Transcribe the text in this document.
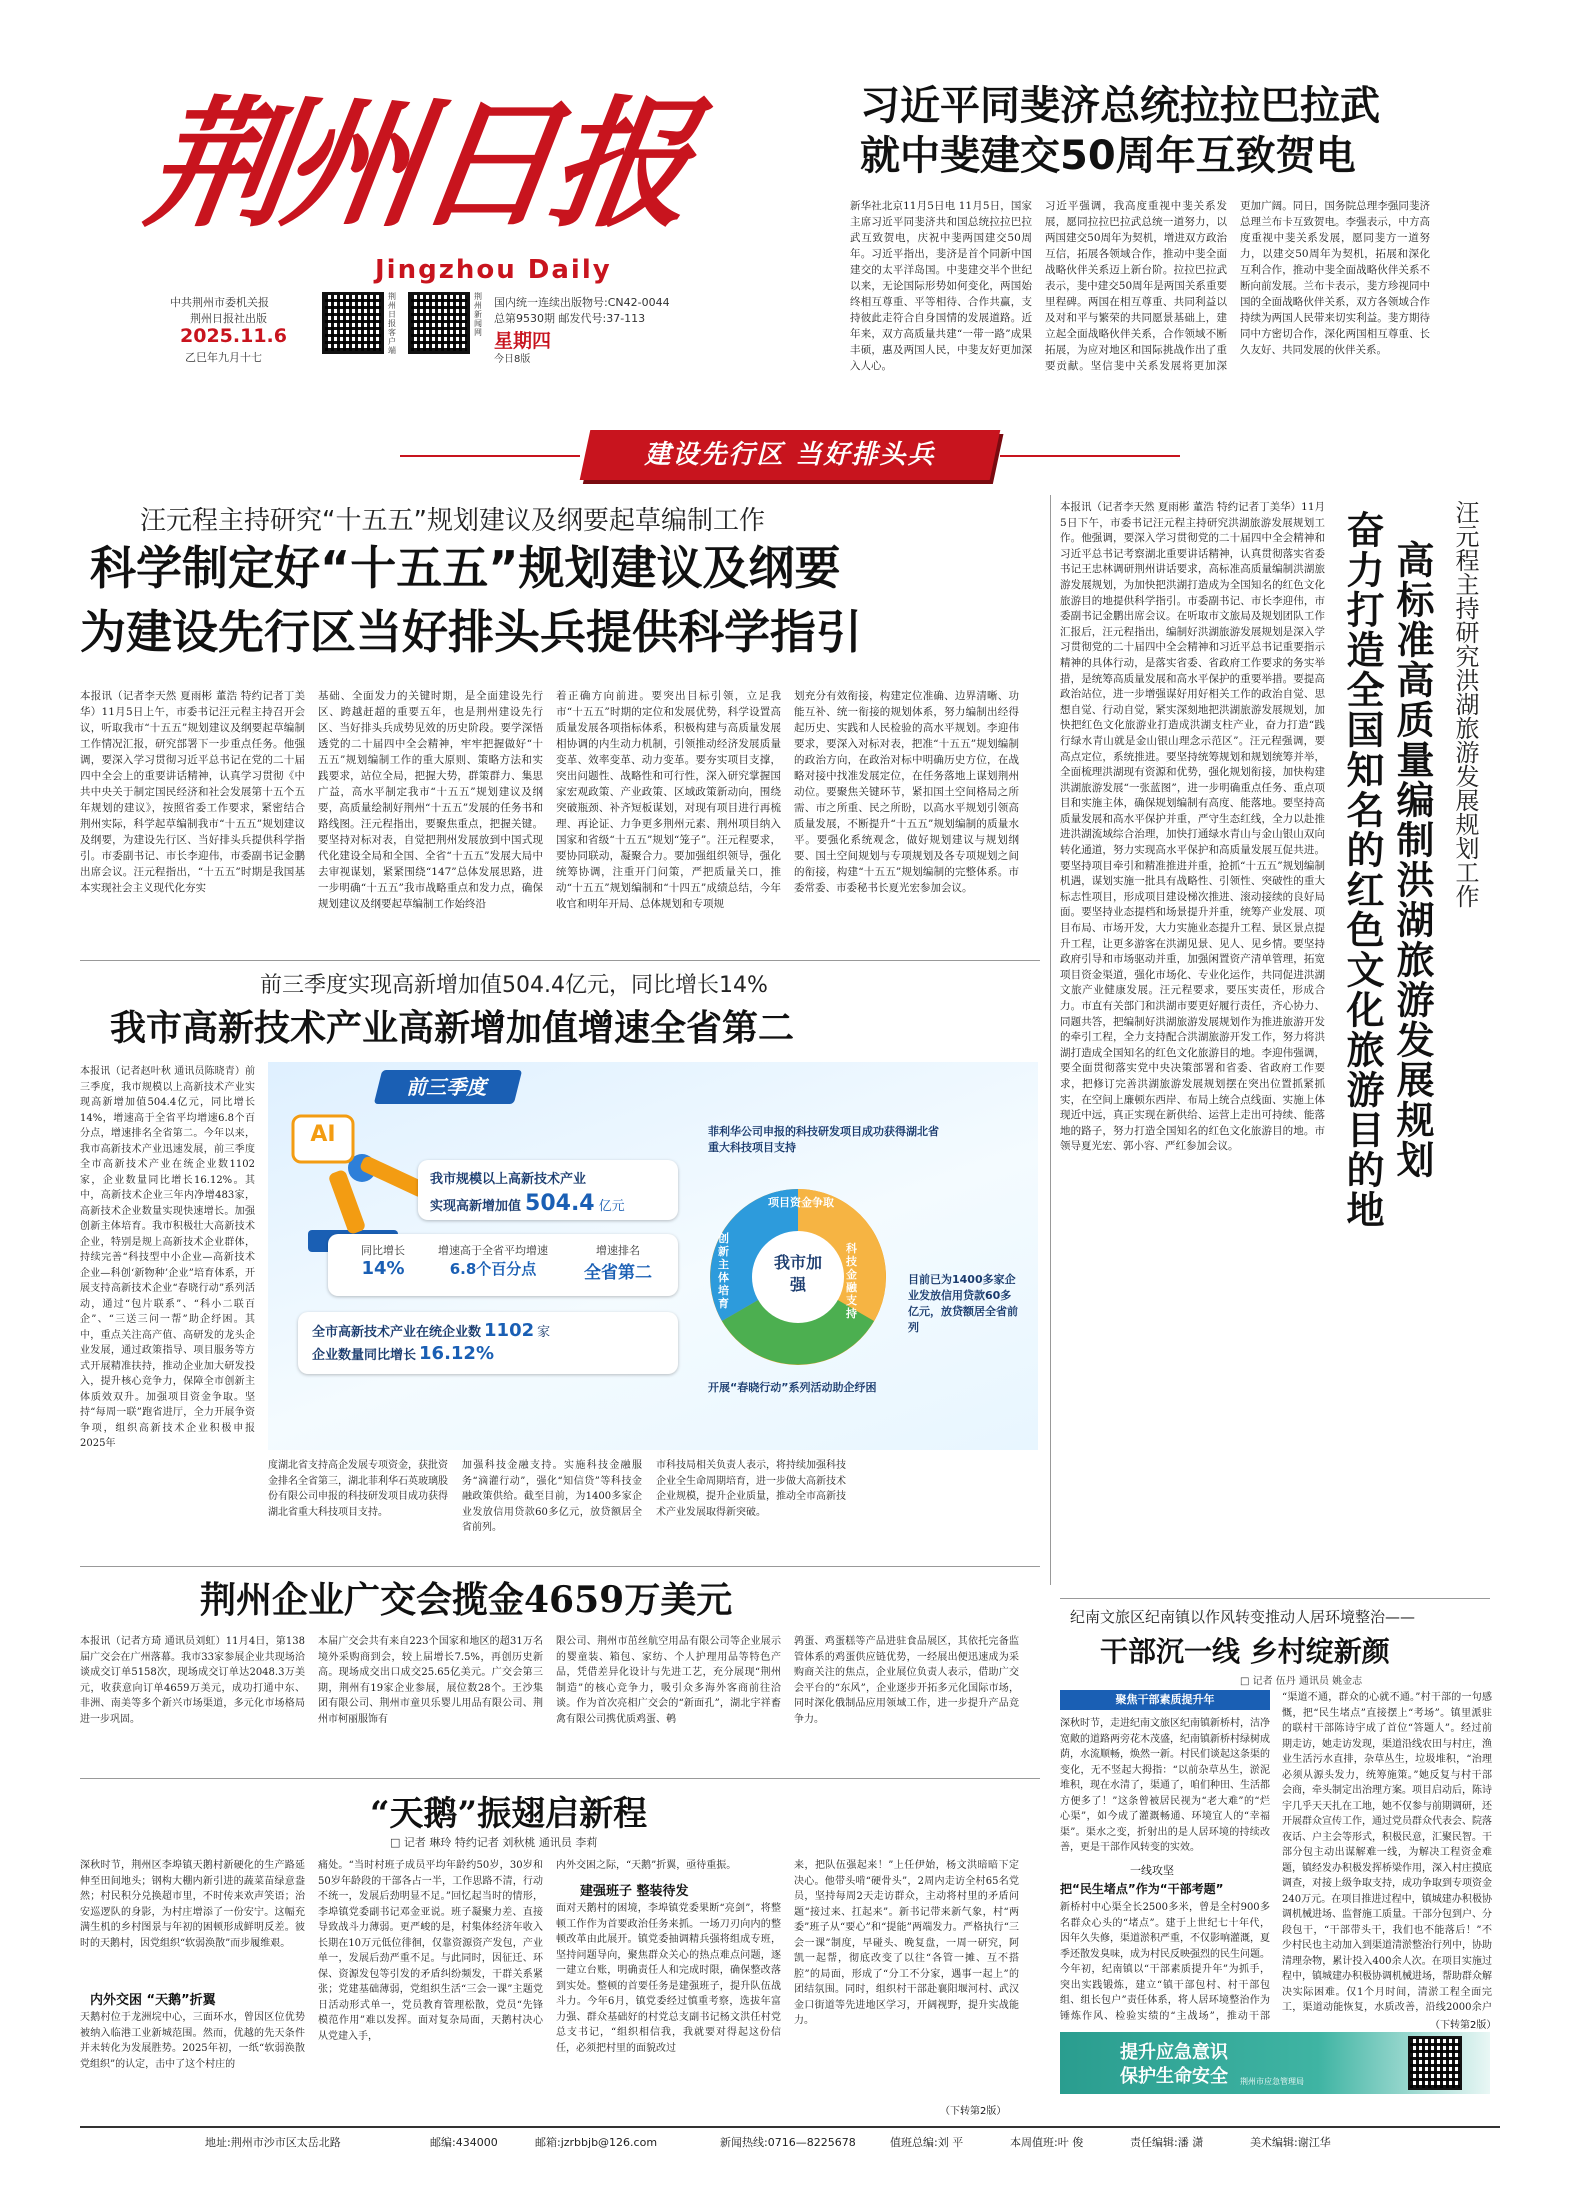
荆州日报
Jingzhou Daily
中共荆州市委机关报
荆州日报社出版
2025.11.6
乙巳年九月十七
荆州日报客户端
荆州新闻网
国内统一连续出版物号:CN42-0044
总第9530期 邮发代号:37-113
星期四
今日8版
习近平同斐济总统拉拉巴拉武
就中斐建交50周年互致贺电
新华社北京11月5日电 11月5日，国家主席习近平同斐济共和国总统拉拉巴拉武互致贺电，庆祝中斐两国建交50周年。习近平指出，斐济是首个同新中国建交的太平洋岛国。中斐建交半个世纪以来，无论国际形势如何变化，两国始终相互尊重、平等相待、合作共赢，支持彼此走符合自身国情的发展道路。近年来，双方高质量共建“一带一路”成果丰硕，惠及两国人民，中斐友好更加深入人心。
习近平强调，我高度重视中斐关系发展，愿同拉拉巴拉武总统一道努力，以两国建交50周年为契机，增进双方政治互信，拓展各领域合作，推动中斐全面战略伙伴关系迈上新台阶。拉拉巴拉武表示，斐中建交50周年是两国关系重要里程碑。两国在相互尊重、共同利益以及对和平与繁荣的共同愿景基础上，建立起全面战略伙伴关系，合作领域不断拓展，为应对地区和国际挑战作出了重要贡献。坚信斐中关系发展将更加深
更加广阔。同日，国务院总理李强同斐济总理兰布卡互致贺电。李强表示，中方高度重视中斐关系发展，愿同斐方一道努力，以建交50周年为契机，拓展和深化互利合作，推动中斐全面战略伙伴关系不断向前发展。兰布卡表示，斐方珍视同中国的全面战略伙伴关系，双方各领域合作持续为两国人民带来切实利益。斐方期待同中方密切合作，深化两国相互尊重、长久友好、共同发展的伙伴关系。
建设先行区 当好排头兵
汪元程主持研究“十五五”规划建议及纲要起草编制工作
科学制定好“十五五”规划建议及纲要
为建设先行区当好排头兵提供科学指引
本报讯（记者李天然 夏雨彬 董浩 特约记者丁美华）11月5日上午，市委书记汪元程主持召开会议，听取我市“十五五”规划建议及纲要起草编制工作情况汇报，研究部署下一步重点任务。他强调，要深入学习贯彻习近平总书记在党的二十届四中全会上的重要讲话精神，认真学习贯彻《中共中央关于制定国民经济和社会发展第十五个五年规划的建议》，按照省委工作要求，紧密结合荆州实际，科学起草编制我市“十五五”规划建议及纲要，为建设先行区、当好排头兵提供科学指引。市委副书记、市长李迎伟，市委副书记金鹏出席会议。汪元程指出，“十五五”时期是我国基本实现社会主义现代化夯实
基础、全面发力的关键时期，是全面建设先行区、跨越赶超的重要五年，也是荆州建设先行区、当好排头兵成势见效的历史阶段。要学深悟透党的二十届四中全会精神，牢牢把握做好“十五五”规划编制工作的重大原则、策略方法和实践要求，站位全局，把握大势，群策群力、集思广益，高水平制定我市“十五五”规划建议及纲要，高质量绘制好荆州“十五五”发展的任务书和路线图。汪元程指出，要聚焦重点，把握关键。要坚持对标对表，自觉把荆州发展放到中国式现代化建设全局和全国、全省“十五五”发展大局中去审视谋划，紧紧围绕“147”总体发展思路，进一步明确“十五五”我市战略重点和发力点，确保规划建议及纲要起草编制工作始终沿
着正确方向前进。要突出目标引领，立足我市“十五五”时期的定位和发展优势，科学设置高质量发展各项指标体系，积极构建与高质量发展相协调的内生动力机制，引领推动经济发展质量变革、效率变革、动力变革。要夯实项目支撑，突出问题性、战略性和可行性，深入研究掌握国家宏观政策、产业政策、区域政策新动向，围绕突破瓶颈、补齐短板谋划，对现有项目进行再梳理、再论证、力争更多荆州元素、荆州项目纳入国家和省级“十五五”规划“笼子”。汪元程要求，要协同联动，凝聚合力。要加强组织领导，强化统筹协调，注重开门问策，严把质量关口，推动“十五五”规划编制和“十四五”成绩总结，今年收官和明年开局、总体规划和专项规
划充分有效衔接，构建定位准确、边界清晰、功能互补、统一衔接的规划体系，努力编制出经得起历史、实践和人民检验的高水平规划。李迎伟要求，要深入对标对表，把准“十五五”规划编制的政治方向，在政治对标中明确历史方位，在战略对接中找准发展定位，在任务落地上谋划荆州动位。要聚焦关键环节，紧扣国土空间格局之所需、市之所重、民之所盼，以高水平规划引领高质量发展，不断提升“十五五”规划编制的质量水平。要强化系统观念，做好规划建议与规划纲要、国土空间规划与专项规划及各专项规划之间的衔接，构建“十五五”规划编制的完整体系。市委常委、市委秘书长夏光宏参加会议。
本报讯（记者李天然 夏雨彬 董浩 特约记者丁美华）11月5日下午，市委书记汪元程主持研究洪湖旅游发展规划工作。他强调，要深入学习贯彻党的二十届四中全会精神和习近平总书记考察湖北重要讲话精神，认真贯彻落实省委书记王忠林调研荆州讲话要求，高标准高质量编制洪湖旅游发展规划，为加快把洪湖打造成为全国知名的红色文化旅游目的地提供科学指引。市委副书记、市长李迎伟，市委副书记金鹏出席会议。在听取市文旅局及规划团队工作汇报后，汪元程指出，编制好洪湖旅游发展规划是深入学习贯彻党的二十届四中全会精神和习近平总书记重要指示精神的具体行动，是落实省委、省政府工作要求的务实举措，是统筹高质量发展和高水平保护的重要举措。要提高政治站位，进一步增强谋好用好相关工作的政治自觉、思想自觉、行动自觉，紧实深刻地把洪湖旅游发展规划，加快把红色文化旅游业打造成洪湖支柱产业，奋力打造“践行绿水青山就是金山银山理念示范区”。汪元程强调，要高点定位，系统推进。要坚持统筹规划和规划统筹并举，全面梳理洪湖现有资源和优势，强化规划衔接，加快构建洪湖旅游发展“一张蓝图”，进一步明确重点任务、重点项目和实施主体，确保规划编制有高度、能落地。要坚持高质量发展和高水平保护并重，严守生态红线，全力以赴推进洪湖流域综合治理，加快打通绿水青山与金山银山双向转化通道，努力实现高水平保护和高质量发展互促共进。要坚持项目牵引和精准推进并重，抢抓“十五五”规划编制机遇，谋划实施一批具有战略性、引领性、突破性的重大标志性项目，形成项目建设梯次推进、滚动接续的良好局面。要坚持业态提档和场景提升并重，统筹产业发展、项目布局、市场开发，大力实施业态提升工程、景区景点提升工程，让更多游客在洪湖见景、见人、见乡情。要坚持政府引导和市场驱动并重，加强闲置资产清单管理，拓宽项目资金渠道，强化市场化、专业化运作，共同促进洪湖文旅产业健康发展。汪元程要求，要压实责任，形成合力。市直有关部门和洪湖市要更好履行责任，齐心协力、同题共答，把编制好洪湖旅游发展规划作为推进旅游开发的牵引工程，全力支持配合洪湖旅游开发工作，努力将洪湖打造成全国知名的红色文化旅游目的地。李迎伟强调，要全面贯彻落实党中央决策部署和省委、省政府工作要求，把修订完善洪湖旅游发展规划摆在突出位置抓紧抓实，在空间上廉顿东西岸、布局上统合点线面、实施上体现近中远，真正实现在新供给、运营上走出可持续、能落地的路子，努力打造全国知名的红色文化旅游目的地。市领导夏光宏、郭小容、严红参加会议。	高标准高质量编制洪湖旅游发展规划 汪元程主持研究洪湖旅游发展规划工作
奋力打造全国知名的红色文化旅游目的地
前三季度实现高新增加值504.4亿元，同比增长14%
我市高新技术产业高新增加值增速全省第二
本报讯（记者赵叶秋 通讯员陈晓青）前三季度，我市规模以上高新技术产业实现高新增加值504.4亿元，同比增长14%，增速高于全省平均增速6.8个百分点，增速排名全省第二。今年以来，我市高新技术产业迅速发展，前三季度全市高新技术产业在统企业数1102家，企业数量同比增长16.12%。其中，高新技术企业三年内净增483家，高新技术企业数量实现快速增长。加强创新主体培育。我市积极壮大高新技术企业，特别是规上高新技术企业群体，持续完善“科技型中小企业—高新技术企业—科创‘新物种’企业”培育体系，开展支持高新技术企业“春晓行动”系列活动，通过“包片联系”、“科小二联百企”、“三送三问一帮”助企纾困。其中，重点关注高产值、高研发的龙头企业发展，通过政策指导、项目服务等方式开展精准扶持，推动企业加大研发投入，提升核心竞争力，保障全市创新主体质效双升。加强项目资金争取。坚持“每周一联”跑省进厅，全力开展争资争项，组织高新技术企业积极申报2025年
前三季度
AI
我市规模以上高新技术产业
实现高新增加值 504.4 亿元
同比增长
14%
增速高于全省平均增速
6.8个百分点
增速排名
全省第二
全市高新技术产业在统企业数 1102 家
企业数量同比增长 16.12%
菲利华公司申报的科技研发项目成功获得湖北省重大科技项目支持
我市加强
项目资金争取
科技金融支持
创新主体培育
目前已为1400多家企业发放信用贷款60多亿元，放贷额居全省前列
开展“春晓行动”系列活动助企纾困
度湖北省支持高企发展专项资金，获批资金排名全省第三，湖北菲利华石英玻璃股份有限公司申报的科技研发项目成功获得湖北省重大科技项目支持。
加强科技金融支持。实施科技金融服务“滴灌行动”，强化“知信贷”等科技金融政策供给。截至目前，为1400多家企业发放信用贷款60多亿元，放贷额居全省前列。
市科技局相关负责人表示，将持续加强科技企业全生命周期培育，进一步做大高新技术企业规模，提升企业质量，推动全市高新技术产业发展取得新突破。
荆州企业广交会揽金4659万美元
本报讯（记者方琦 通讯员刘虹）11月4日，第138届广交会在广州落幕。我市33家参展企业共现场洽谈成交订单5158次，现场成交订单达2048.3万美元，收获意向订单4659万美元，成功打通中东、非洲、南美等多个新兴市场渠道，多元化市场格局进一步巩固。
本届广交会共有来自223个国家和地区的超31万名境外采购商到会，较上届增长7.5%，再创历史新高。现场成交出口成交25.65亿美元。广交会第三期，荆州有19家企业参展，展位数28个。王沙集团有限公司、荆州市童贝乐婴儿用品有限公司、荆州市柯丽服饰有
限公司、荆州市茁丝航空用品有限公司等企业展示的婴童装、箱包、家纺、个人护理用品等特色产品，凭借差异化设计与先进工艺，充分展现“荆州制造”的核心竞争力，吸引众多海外客商前往洽谈。作为首次亮相广交会的“新面孔”，湖北宇祥畜禽有限公司携优质鸡蛋、鹌
鹑蛋、鸡蛋糕等产品进驻食品展区，其依托完备监管体系的鸡蛋供应链优势，一经展出便迅速成为采购商关注的焦点，企业展位负责人表示，借助广交会平台的“东风”，企业逐步开拓多元化国际市场，同时深化俄制品应用领域工作，进一步提升产品竞争力。
“天鹅”振翅启新程
□ 记者 琳玲 特约记者 刘秋桃 通讯员 李莉
深秋时节，荆州区李埠镇天鹅村新硬化的生产路延伸至田间地头；钢构大棚内新引进的蔬菜苗绿意盎然；村民积分兑换超市里，不时传来欢声笑语；治安巡逻队的身影，为村庄增添了一份安宁。这幅充满生机的乡村图景与年初的困顿形成鲜明反差。彼时的天鹅村，因党组织“软弱涣散”而步履维艰。
内外交困 “天鹅”折翼
天鹅村位于龙洲垸中心，三面环水，曾因区位优势被纳入临港工业新城范围。然而，优越的先天条件并未转化为发展胜势。2025年初，一纸“软弱涣散党组织”的认定，击中了这个村庄的
痛处。“当时村班子成员平均年龄约50岁，30岁和50岁年龄段的干部各占一半，工作思路不清，行动不统一，发展后劲明显不足。”回忆起当时的情形，李埠镇党委副书记邓金亚说。班子凝聚力差、直接导致战斗力薄弱。更严峻的是，村集体经济年收入长期在10万元低位徘徊，仅靠资源资产发包，产业单一，发展后劲严重不足。与此同时，因征迁、环保、资源发包等引发的矛盾纠纷频发，干群关系紧张；党建基础薄弱，党组织生活“三会一课”主题党日活动形式单一，党员教育管理松散，党员“先锋模范作用”难以发挥。面对复杂局面，天鹅村决心从党建入手，
内外交困之际，“天鹅”折翼，亟待重振。
建强班子 整装待发
面对天鹅村的困境，李埠镇党委果断“亮剑”，将整顿工作作为首要政治任务来抓。一场刀刃向内的整顿改革由此展开。镇党委抽调精兵强将组成专班，坚持问题导向，聚焦群众关心的热点难点问题，逐一建立台账，明确责任人和完成时限，确保整改落到实处。整顿的首要任务是建强班子，提升队伍战斗力。今年6月，镇党委经过慎重考察，选拔年富力强、群众基础好的村党总支副书记杨文洪任村党总支书记，“组织相信我，我就要对得起这份信任，必须把村里的面貌改过
来，把队伍强起来！”上任伊始，杨文洪暗暗下定决心。他带头啃“硬骨头”，2周内走访全村65名党员，坚持每周2天走访群众，主动将村里的矛盾问题“接过来、扛起来”。新书记带来新气象，村“两委”班子从“要心”和“提能”两端发力。严格执行“三会一课”制度，早碰头、晚复盘，一周一研究，阿凯一起帮，彻底改变了以往“各管一摊、互不搭腔”的局面，形成了“分工不分家，遇事一起上”的团结氛围。同时，组织村干部赴襄阳堰河村、武汉金口街道等先进地区学习，开阔视野，提升实战能力。
（下转第2版）
纪南文旅区纪南镇以作风转变推动人居环境整治——
干部沉一线 乡村绽新颜
□ 记者 伍丹 通讯员 姚金志
聚焦干部素质提升年
深秋时节，走进纪南文旅区纪南镇新桥村，洁净宽敞的道路两旁花木茂盛，纪南镇新桥村绿树成荫，水流顺畅，焕然一新。村民们谈起这条渠的变化，无不竖起大拇指：“以前杂草丛生，淤泥堆积，现在水清了，渠通了，咱们种田、生活都方便多了！”这条曾被居民视为“老大难”的“烂心渠”，如今成了灌溉畅通、环境宜人的“幸福渠”。渠水之变，折射出的是人居环境的持续改善，更是干部作风转变的实效。
一线攻坚
把“民生堵点”作为“干部考题”
新桥村中心渠全长2500多米，曾是全村900多名群众心头的“堵点”。建于上世纪七十年代，因年久失修，渠道淤积严重，不仅影响灌溉，夏季还散发臭味，成为村民反映强烈的民生问题。今年初，纪南镇以“干部素质提升年”为抓手，突出实践锻炼，建立“镇干部包村、村干部包组、组长包户”责任体系，将人居环境整治作为锤炼作风、检验实绩的“主战场”，推动干部
“渠道不通，群众的心就不通。”村干部的一句感慨，把“民生堵点”直接摆上“考场”。镇里派驻的联村干部陈诗宇成了首位“答题人”。经过前期走访，她走访发现，渠道沿线农田与村庄，渔业生活污水直排，杂草丛生，垃圾堆积，“治理必须从源头发力，统筹施策。”她反复与村干部会商，牵头制定出治理方案。项目启动后，陈诗宇几乎天天扎在工地，她不仅参与前期调研，还开展群众宣传工作，通过党员群众代表会、院落夜话、户主会等形式，积极民意，汇聚民智。干部分包主动出谋解难一线，为解决工程资金难题，镇经发办积极发挥桥梁作用，深入村庄摸底调查，对接上级争取支持，成功争取到专项资金240万元。在项目推进过程中，镇城建办积极协调机械进场、监督施工质量。干部分包到户、分段包干，“干部带头干，我们也不能落后！”不少村民也主动加入到渠道清淤整治行列中，协助清理杂物，累计投入400余人次。在项目实施过程中，镇城建办积极协调机械进场，帮助群众解决实际困难。仅1个月时间，清淤工程全面完工，渠道动能恢复，水质改善，沿线2000余户
（下转第2版）
提升应急意识
保护生命安全 荆州市应急管理局
地址:荆州市沙市区太岳北路	邮编:434000	邮箱:jzrbbjb@126.com	新闻热线:0716—8225678	值班总编:刘 平	本周值班:叶 俊	责任编辑:潘 潇	美术编辑:谢江华
